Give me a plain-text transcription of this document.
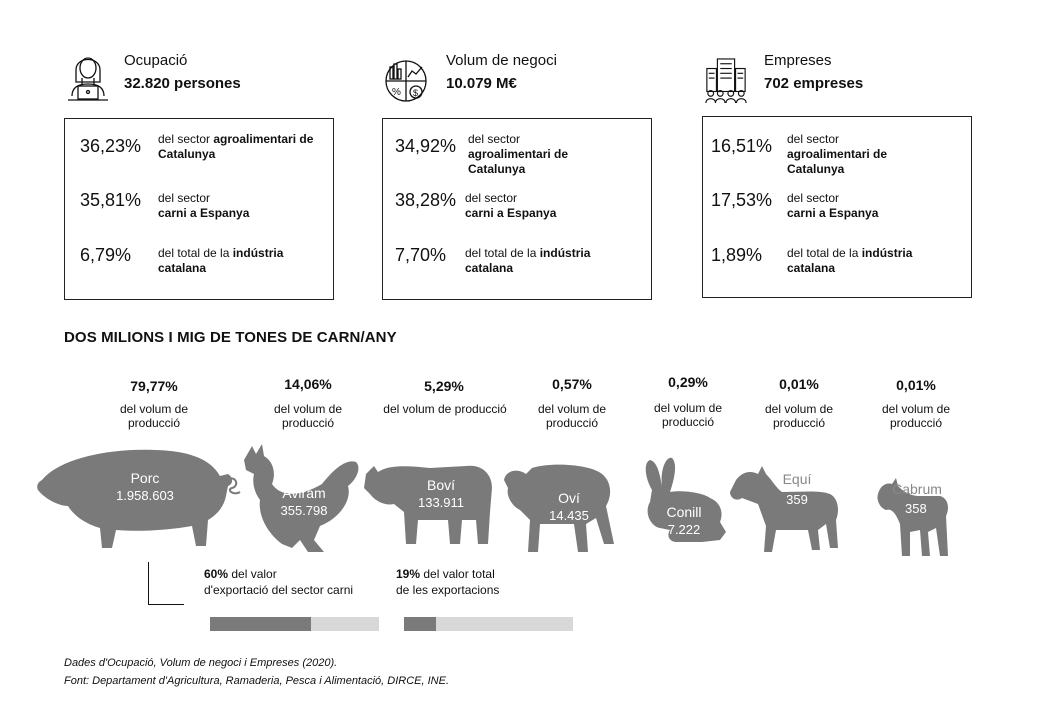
Ocupació
32.820 persones
% $
Volum de negoci
10.079 M€
Empreses
702 empreses
36,23% del sector agroalimentari de Catalunya
35,81% del sector
carni a Espanya
6,79% del total de la indústria catalana
34,92% del sector
agroalimentari de Catalunya
38,28% del sector
carni a Espanya
7,70% del total de la indústria catalana
16,51% del sector
agroalimentari de Catalunya
17,53% del sector
carni a Espanya
1,89% del total de la indústria catalana
DOS MILIONS I MIG DE TONES DE CARN/ANY
79,77%
del volum de producció
14,06%
del volum de producció
5,29%
del volum de producció
0,57%
del volum de producció
0,29%
del volum de producció
0,01%
del volum de producció
0,01%
del volum de producció
Porc
1.958.603	Aviram
355.798
Boví
133.911	Oví
14.435	Conill
7.222
Equí
359
Cabrum
358
60% del valor
d'exportació del sector carni
19% del valor total
de les exportacions
Dades d'Ocupació, Volum de negoci i Empreses (2020).
Font: Departament d'Agricultura, Ramaderia, Pesca i Alimentació, DIRCE, INE.
